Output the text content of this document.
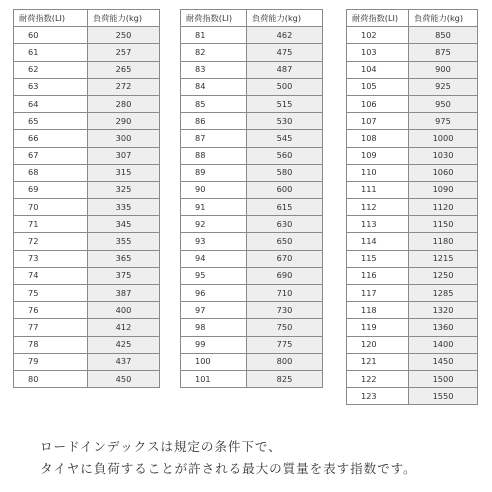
耐荷指数(LI)	負荷能力(kg)
60	250
61	257
62	265
63	272
64	280
65	290
66	300
67	307
68	315
69	325
70	335
71	345
72	355
73	365
74	375
75	387
76	400
77	412
78	425
79	437
80	450
耐荷指数(LI)	負荷能力(kg)
81	462
82	475
83	487
84	500
85	515
86	530
87	545
88	560
89	580
90	600
91	615
92	630
93	650
94	670
95	690
96	710
97	730
98	750
99	775
100	800
101	825
耐荷指数(LI)	負荷能力(kg)
102	850
103	875
104	900
105	925
106	950
107	975
108	1000
109	1030
110	1060
111	1090
112	1120
113	1150
114	1180
115	1215
116	1250
117	1285
118	1320
119	1360
120	1400
121	1450
122	1500
123	1550
ロードインデックスは規定の条件下で、
タイヤに負荷することが許される最大の質量を表す指数です。
